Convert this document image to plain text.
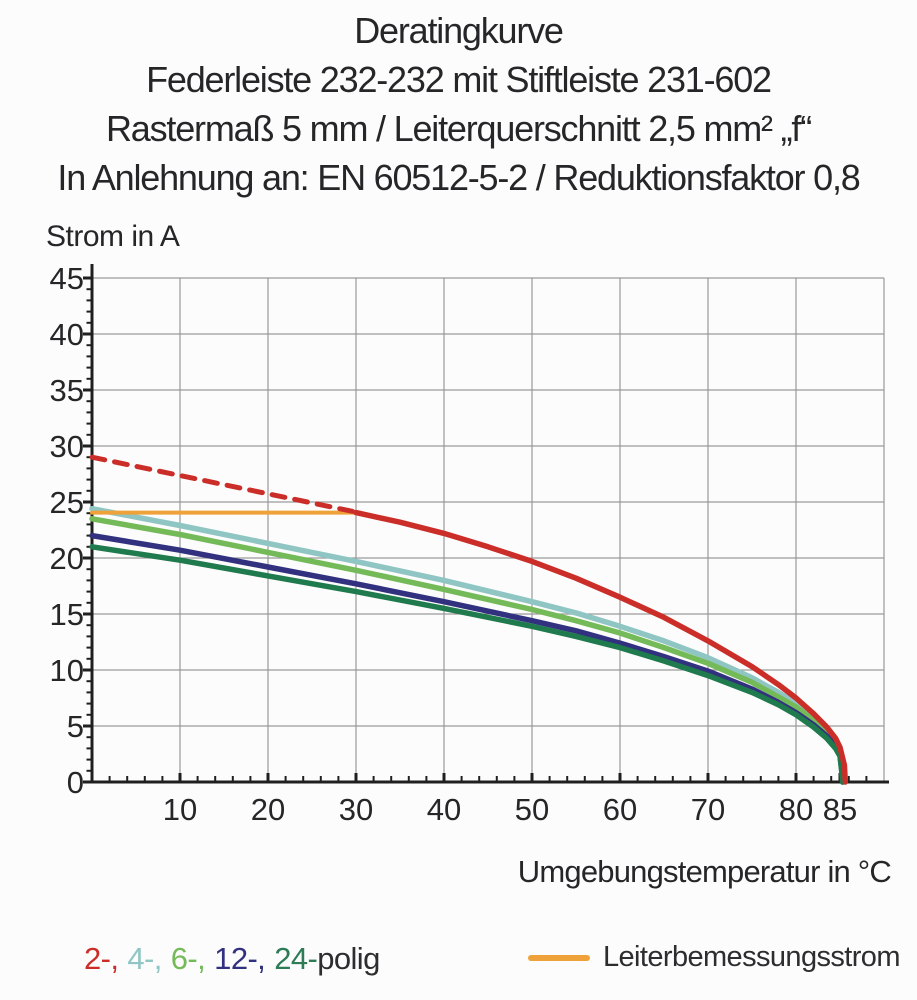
Deratingkurve
Federleiste 232-232 mit Stiftleiste 231-602
Rastermaß 5 mm / Leiterquerschnitt 2,5 mm² „f“
In Anlehnung an: EN 60512-5-2 / Reduktionsfaktor 0,8
Strom in A
10 20 30 40 50 60 70 80 85
0
5
10
15
20
25
30
35
40
45
Umgebungstemperatur in °C
2-, 4-, 6-, 12-, 24-polig	Leiterbemessungsstrom
